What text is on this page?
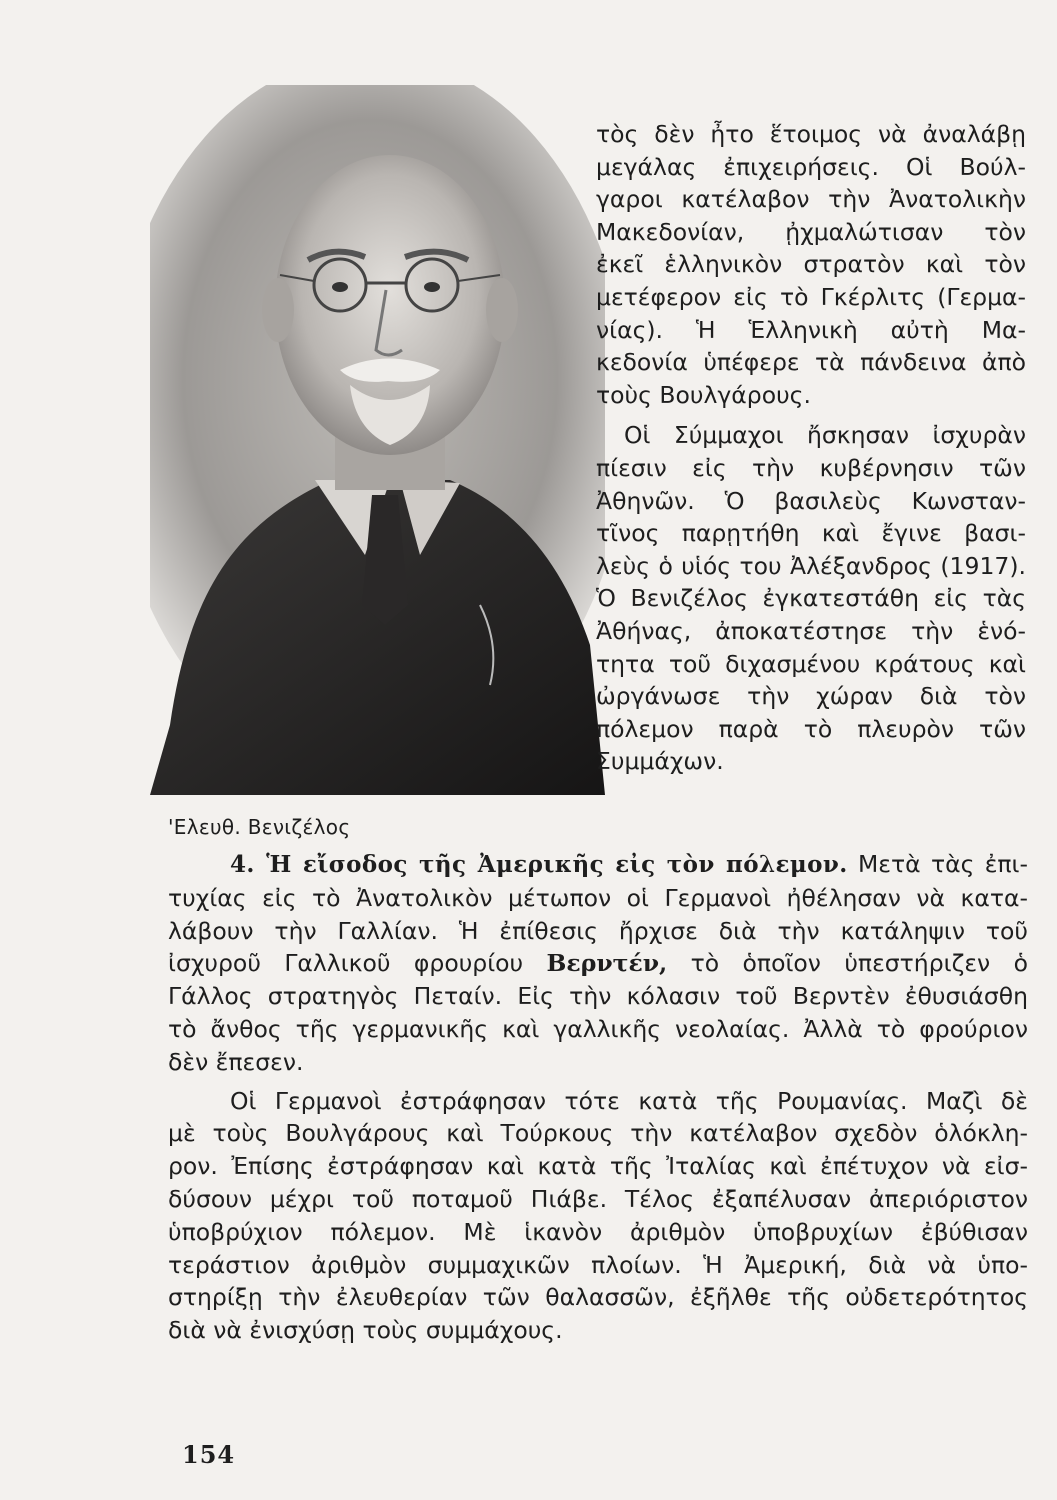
'Ελευθ. Βενιζέλος

τὸς δὲν ἦτο ἕτοιμος νὰ ἀναλάβῃ
μεγάλας ἐπιχειρήσεις. Οἱ Βούλ-
γαροι κατέλαβον τὴν Ἀνατολικὴν
Μακεδονίαν, ᾐχμαλώτισαν τὸν
ἐκεῖ ἑλληνικὸν στρατὸν καὶ τὸν
μετέφερον εἰς τὸ Γκέρλιτς (Γερμα-
νίας). Ἡ Ἑλληνικὴ αὐτὴ Μα-
κεδονία ὑπέφερε τὰ πάνδεινα ἀπὸ
τοὺς Βουλγάρους.

Οἱ Σύμμαχοι ἤσκησαν ἰσχυρὰν
πίεσιν εἰς τὴν κυβέρνησιν τῶν
Ἀθηνῶν. Ὁ βασιλεὺς Κωνσταν-
τῖνος παρῃτήθη καὶ ἔγινε βασι-
λεὺς ὁ υἱός του Ἀλέξανδρος (1917).
Ὁ Βενιζέλος ἐγκατεστάθη εἰς τὰς
Ἀθήνας, ἀποκατέστησε τὴν ἑνό-
τητα τοῦ διχασμένου κράτους καὶ
ὠργάνωσε τὴν χώραν διὰ τὸν
πόλεμον παρὰ τὸ πλευρὸν τῶν
Συμμάχων.

4. Ἡ εἴσοδος τῆς Ἀμερικῆς εἰς τὸν πόλεμον. Μετὰ τὰς ἐπι-
τυχίας εἰς τὸ Ἀνατολικὸν μέτωπον οἱ Γερμανοὶ ἠθέλησαν νὰ κατα-
λάβουν τὴν Γαλλίαν. Ἡ ἐπίθεσις ἤρχισε διὰ τὴν κατάληψιν τοῦ
ἰσχυροῦ Γαλλικοῦ φρουρίου Βερντέν, τὸ ὁποῖον ὑπεστήριζεν ὁ
Γάλλος στρατηγὸς Πεταίν. Εἰς τὴν κόλασιν τοῦ Βερντὲν ἐθυσιάσθη
τὸ ἄνθος τῆς γερμανικῆς καὶ γαλλικῆς νεολαίας. Ἀλλὰ τὸ φρούριον
δὲν ἔπεσεν.
Οἱ Γερμανοὶ ἐστράφησαν τότε κατὰ τῆς Ρουμανίας. Μαζὶ δὲ
μὲ τοὺς Βουλγάρους καὶ Τούρκους τὴν κατέλαβον σχεδὸν ὁλόκλη-
ρον. Ἐπίσης ἐστράφησαν καὶ κατὰ τῆς Ἰταλίας καὶ ἐπέτυχον νὰ εἰσ-
δύσουν μέχρι τοῦ ποταμοῦ Πιάβε. Τέλος ἐξαπέλυσαν ἀπεριόριστον
ὑποβρύχιον πόλεμον. Μὲ ἱκανὸν ἀριθμὸν ὑποβρυχίων ἐβύθισαν
τεράστιον ἀριθμὸν συμμαχικῶν πλοίων. Ἡ Ἀμερική, διὰ νὰ ὑπο-
στηρίξῃ τὴν ἐλευθερίαν τῶν θαλασσῶν, ἐξῆλθε τῆς οὐδετερότητος
διὰ νὰ ἐνισχύσῃ τοὺς συμμάχους.
154
